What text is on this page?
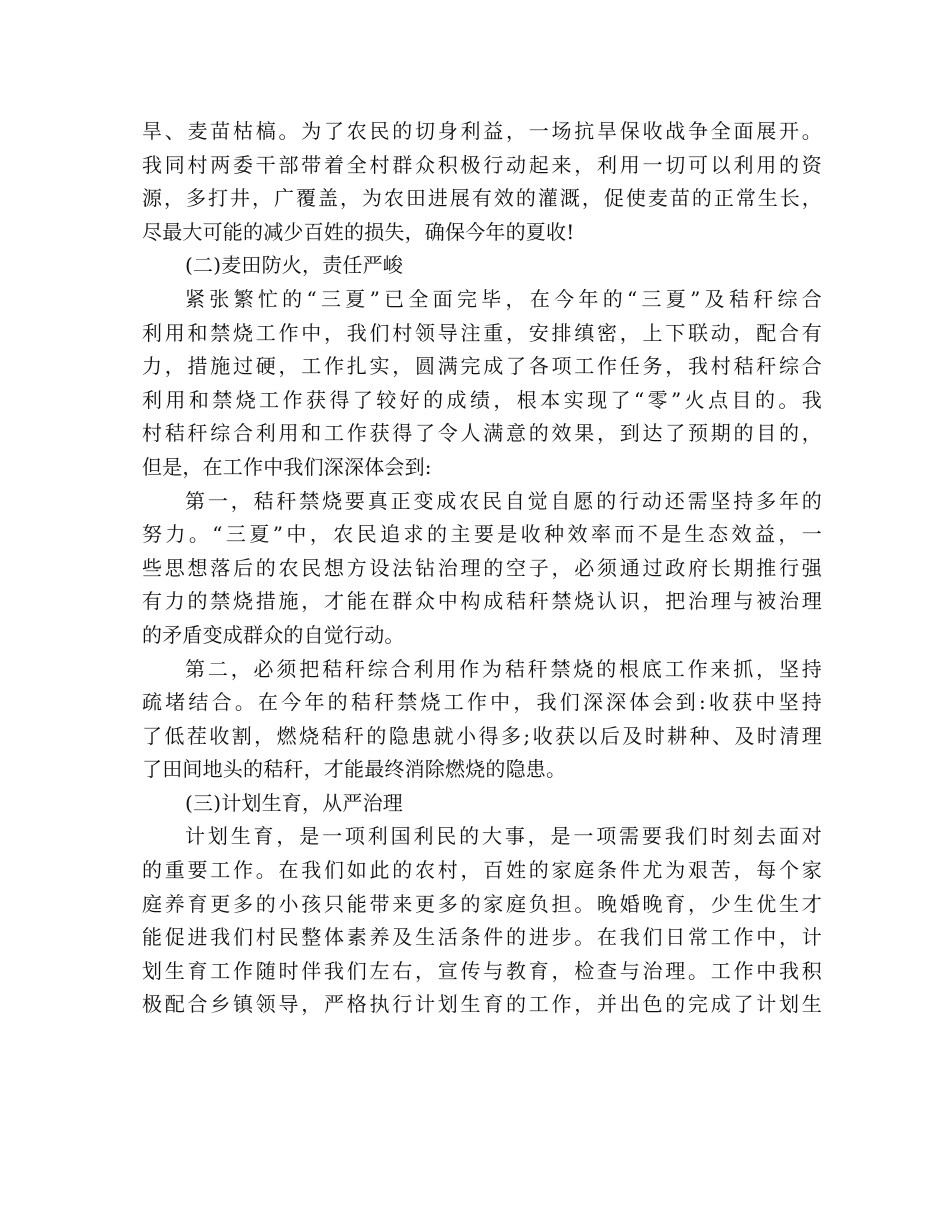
旱、麦苗枯槁。为了农民的切身利益，一场抗旱保收战争全面展开。
我同村两委干部带着全村群众积极行动起来，利用一切可以利用的资
源，多打井，广覆盖，为农田进展有效的灌溉，促使麦苗的正常生长，
尽最大可能的减少百姓的损失，确保今年的夏收!
(二)麦田防火，责任严峻
紧张繁忙的“三夏”已全面完毕，在今年的“三夏”及秸秆综合
利用和禁烧工作中，我们村领导注重，安排缜密，上下联动，配合有
力，措施过硬，工作扎实，圆满完成了各项工作任务，我村秸秆综合
利用和禁烧工作获得了较好的成绩，根本实现了“零”火点目的。我
村秸秆综合利用和工作获得了令人满意的效果，到达了预期的目的，
但是，在工作中我们深深体会到:
第一，秸秆禁烧要真正变成农民自觉自愿的行动还需坚持多年的
努力。“三夏”中，农民追求的主要是收种效率而不是生态效益，一
些思想落后的农民想方设法钻治理的空子，必须通过政府长期推行强
有力的禁烧措施，才能在群众中构成秸秆禁烧认识，把治理与被治理
的矛盾变成群众的自觉行动。
第二，必须把秸秆综合利用作为秸秆禁烧的根底工作来抓，坚持
疏堵结合。在今年的秸秆禁烧工作中，我们深深体会到:收获中坚持
了低茬收割，燃烧秸秆的隐患就小得多;收获以后及时耕种、及时清理
了田间地头的秸秆，才能最终消除燃烧的隐患。
(三)计划生育，从严治理
计划生育，是一项利国利民的大事，是一项需要我们时刻去面对
的重要工作。在我们如此的农村，百姓的家庭条件尤为艰苦，每个家
庭养育更多的小孩只能带来更多的家庭负担。晚婚晚育，少生优生才
能促进我们村民整体素养及生活条件的进步。在我们日常工作中，计
划生育工作随时伴我们左右，宣传与教育，检查与治理。工作中我积
极配合乡镇领导，严格执行计划生育的工作，并出色的完成了计划生
